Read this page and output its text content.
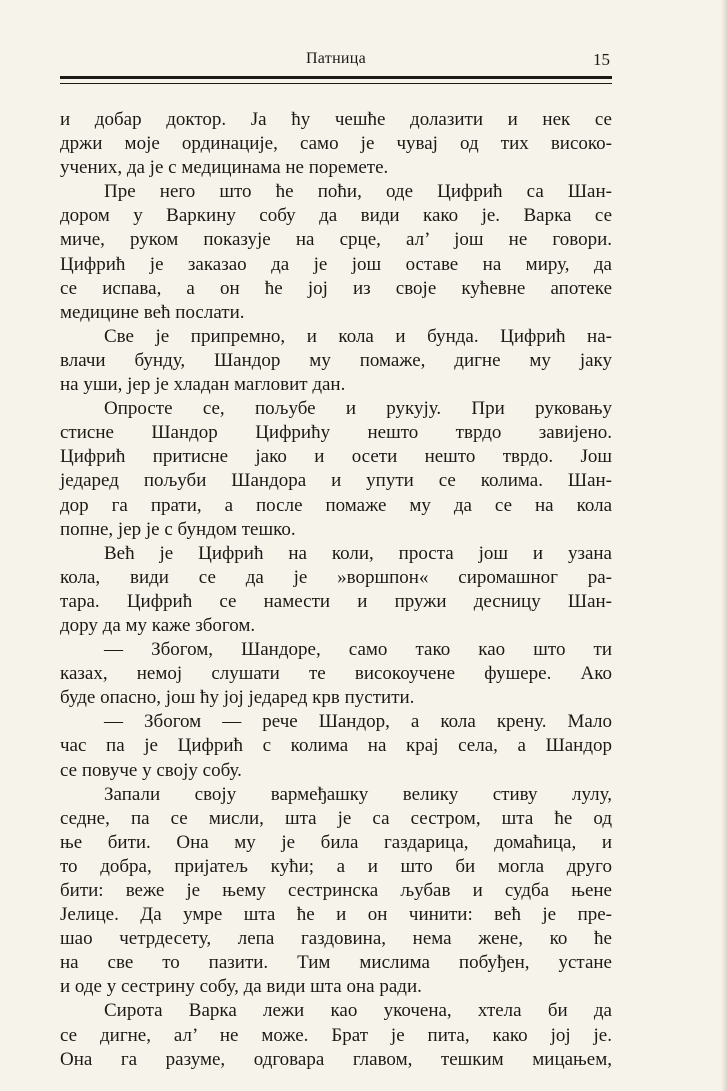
Патница	15
и добар доктор. Ја ћу чешће долазити и нек се
држи моје ординације, само је чувај од тих високо-
учених, да је с медицинама не поремете.
Пре него што ће поћи, оде Цифрић са Шан-
дором у Варкину собу да види како је. Варка се
миче, руком показује на срце, ал’ још не говори.
Цифрић је заказао да је још оставе на миру, да
се испава, а он ће јој из своје кућевне апотеке
медицине већ послати.
Све је припремно, и кола и бунда. Цифрић на-
влачи бунду, Шандор му помаже, дигне му јаку
на уши, јер је хладан магловит дан.
Опросте се, пољубе и рукују. При руковању
стисне Шандор Цифрићу нешто тврдо завијено.
Цифрић притисне јако и осети нешто тврдо. Још
једаред пољуби Шандора и упути се колима. Шан-
дор га прати, а после помаже му да се на кола
попне, јер је с бундом тешко.
Већ је Цифрић на коли, проста још и узана
кола, види се да је »воршпон« сиромашног ра-
тара. Цифрић се намести и пружи десницу Шан-
дору да му каже збогом.
— Збогом, Шандоре, само тако као што ти
казах, немој слушати те високоучене фушере. Ако
буде опасно, још ћу јој једаред крв пустити.
— Збогом — рече Шандор, а кола крену. Мало
час па је Цифрић с колима на крај села, а Шандор
се повуче у своју собу.
Запали своју вармеђашку велику стиву лулу,
седне, па се мисли, шта је са сестром, шта ће од
ње бити. Она му је била газдарица, домаћица, и
то добра, пријатељ кући; а и што би могла друго
бити: веже је њему сестринска љубав и судба њене
Јелице. Да умре шта ће и он чинити: већ је пре-
шао четрдесету, лепа газдовина, нема жене, ко ће
на све то пазити. Тим мислима побуђен, устане
и оде у сестрину собу, да види шта она ради.
Сирота Варка лежи као укочена, хтела би да
се дигне, ал’ не може. Брат је пита, како јој је.
Она га разуме, одговара главом, тешким мицањем,
